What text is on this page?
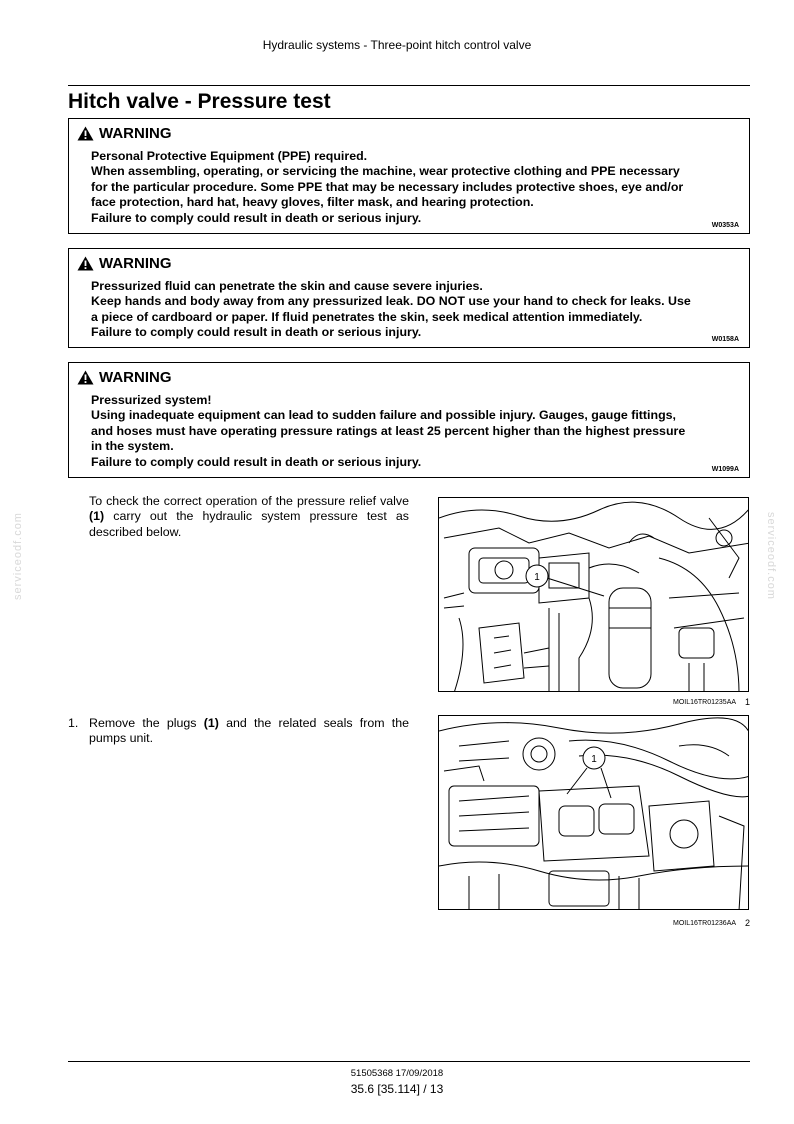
Hydraulic systems - Three-point hitch control valve
Hitch valve - Pressure test
WARNING
Personal Protective Equipment (PPE) required.
When assembling, operating, or servicing the machine, wear protective clothing and PPE necessary
for the particular procedure. Some PPE that may be necessary includes protective shoes, eye and/or
face protection, hard hat, heavy gloves, filter mask, and hearing protection.
Failure to comply could result in death or serious injury.
W0353A
WARNING
Pressurized fluid can penetrate the skin and cause severe injuries.
Keep hands and body away from any pressurized leak. DO NOT use your hand to check for leaks. Use
a piece of cardboard or paper. If fluid penetrates the skin, seek medical attention immediately.
Failure to comply could result in death or serious injury.
W0158A
WARNING
Pressurized system!
Using inadequate equipment can lead to sudden failure and possible injury. Gauges, gauge fittings,
and hoses must have operating pressure ratings at least 25 percent higher than the highest pressure
in the system.
Failure to comply could result in death or serious injury.
W1099A
To check the correct operation of the pressure relief valve (1) carry out the hydraulic system pressure test as described below.
1
MOIL16TR01235AA 1
1. Remove the plugs (1) and the related seals from the pumps unit.
1
MOIL16TR01236AA 2
serviceodf.com	serviceodf.com
51505368 17/09/2018
35.6 [35.114] / 13
